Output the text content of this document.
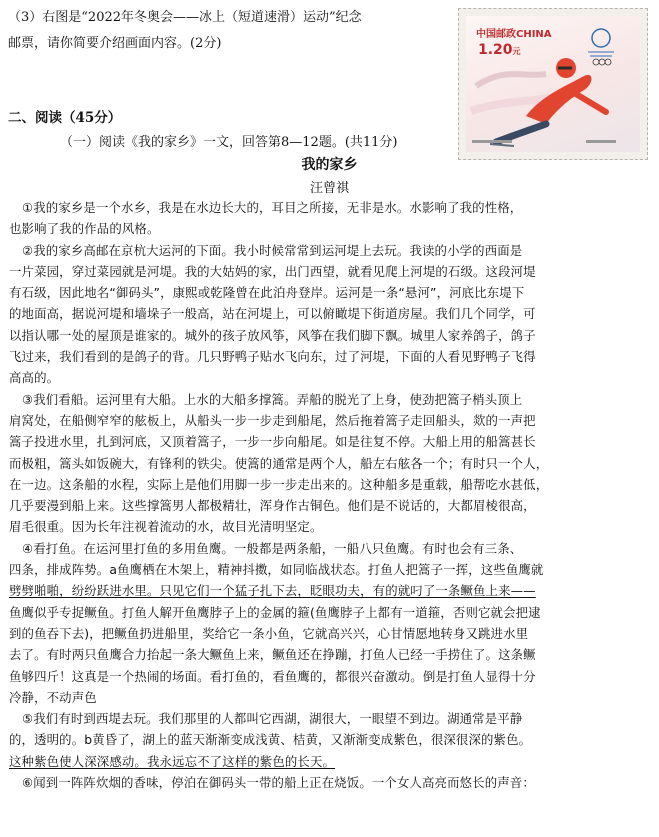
（3）右图是“2022年冬奥会——冰上（短道速滑）运动”纪念
邮票，请你简要介绍画面内容。(2分)
中国邮政CHINA
1.20元
二、阅读（45分）
（一）阅读《我的家乡》一文，回答第8—12题。(共11分)
我的家乡
汪曾祺
①我的家乡是一个水乡，我是在水边长大的，耳目之所接，无非是水。水影响了我的性格，
也影响了我的作品的风格。
②我的家乡高邮在京杭大运河的下面。我小时候常常到运河堤上去玩。我读的小学的西面是
一片菜园，穿过菜园就是河堤。我的大姑妈的家，出门西望，就看见爬上河堤的石级。这段河堤
有石级，因此地名“御码头”，康熙或乾隆曾在此泊舟登岸。运河是一条“悬河”，河底比东堤下
的地面高，据说河堤和墙垛子一般高，站在河堤上，可以俯瞰堤下街道房屋。我们几个同学，可
以指认哪一处的屋顶是谁家的。城外的孩子放风筝，风筝在我们脚下飘。城里人家养鸽子，鸽子
飞过来，我们看到的是鸽子的背。几只野鸭子贴水飞向东，过了河堤，下面的人看见野鸭子飞得
高高的。
③我们看船。运河里有大船。上水的大船多撑篙。弄船的脱光了上身，使劲把篙子梢头顶上
肩窝处，在船侧窄窄的舷板上，从船头一步一步走到船尾，然后拖着篙子走回船头，欻的一声把
篙子投进水里，扎到河底，又顶着篙子，一步一步向船尾。如是往复不停。大船上用的船篙甚长
而极粗，篙头如饭碗大，有锋利的铁尖。使篙的通常是两个人，船左右舷各一个；有时只一个人，
在一边。这条船的水程，实际上是他们用脚一步一步走出来的。这种船多是重载，船帮吃水甚低，
几乎要漫到船上来。这些撑篙男人都极精壮，浑身作古铜色。他们是不说话的，大都眉棱很高，
眉毛很重。因为长年注视着流动的水，故目光清明坚定。
④看打鱼。在运河里打鱼的多用鱼鹰。一般都是两条船，一船八只鱼鹰。有时也会有三条、
四条，排成阵势。a鱼鹰栖在木架上，精神抖擞，如同临战状态。打鱼人把篙子一挥，这些鱼鹰就
劈劈啪啪，纷纷跃进水里。只见它们一个猛子扎下去，眨眼功夫，有的就叼了一条鳜鱼上来——
鱼鹰似乎专捉鳜鱼。打鱼人解开鱼鹰脖子上的金属的箍(鱼鹰脖子上都有一道箍，否则它就会把逮
到的鱼吞下去)，把鳜鱼扔进船里，奖给它一条小鱼，它就高兴兴，心甘情愿地转身又跳进水里
去了。有时两只鱼鹰合力抬起一条大鳜鱼上来，鳜鱼还在挣蹦，打鱼人已经一手捞住了。这条鳜
鱼够四斤！这真是一个热闹的场面。看打鱼的，看鱼鹰的，都很兴奋激动。倒是打鱼人显得十分
冷静，不动声色
⑤我们有时到西堤去玩。我们那里的人都叫它西湖，湖很大，一眼望不到边。湖通常是平静
的，透明的。b黄昏了，湖上的蓝天渐渐变成浅黄、桔黄，又渐渐变成紫色，很深很深的紫色。
这种紫色使人深深感动。我永远忘不了这样的紫色的长天。
⑥闻到一阵阵炊烟的香味，停泊在御码头一带的船上正在烧饭。一个女人高亮而悠长的声音：
